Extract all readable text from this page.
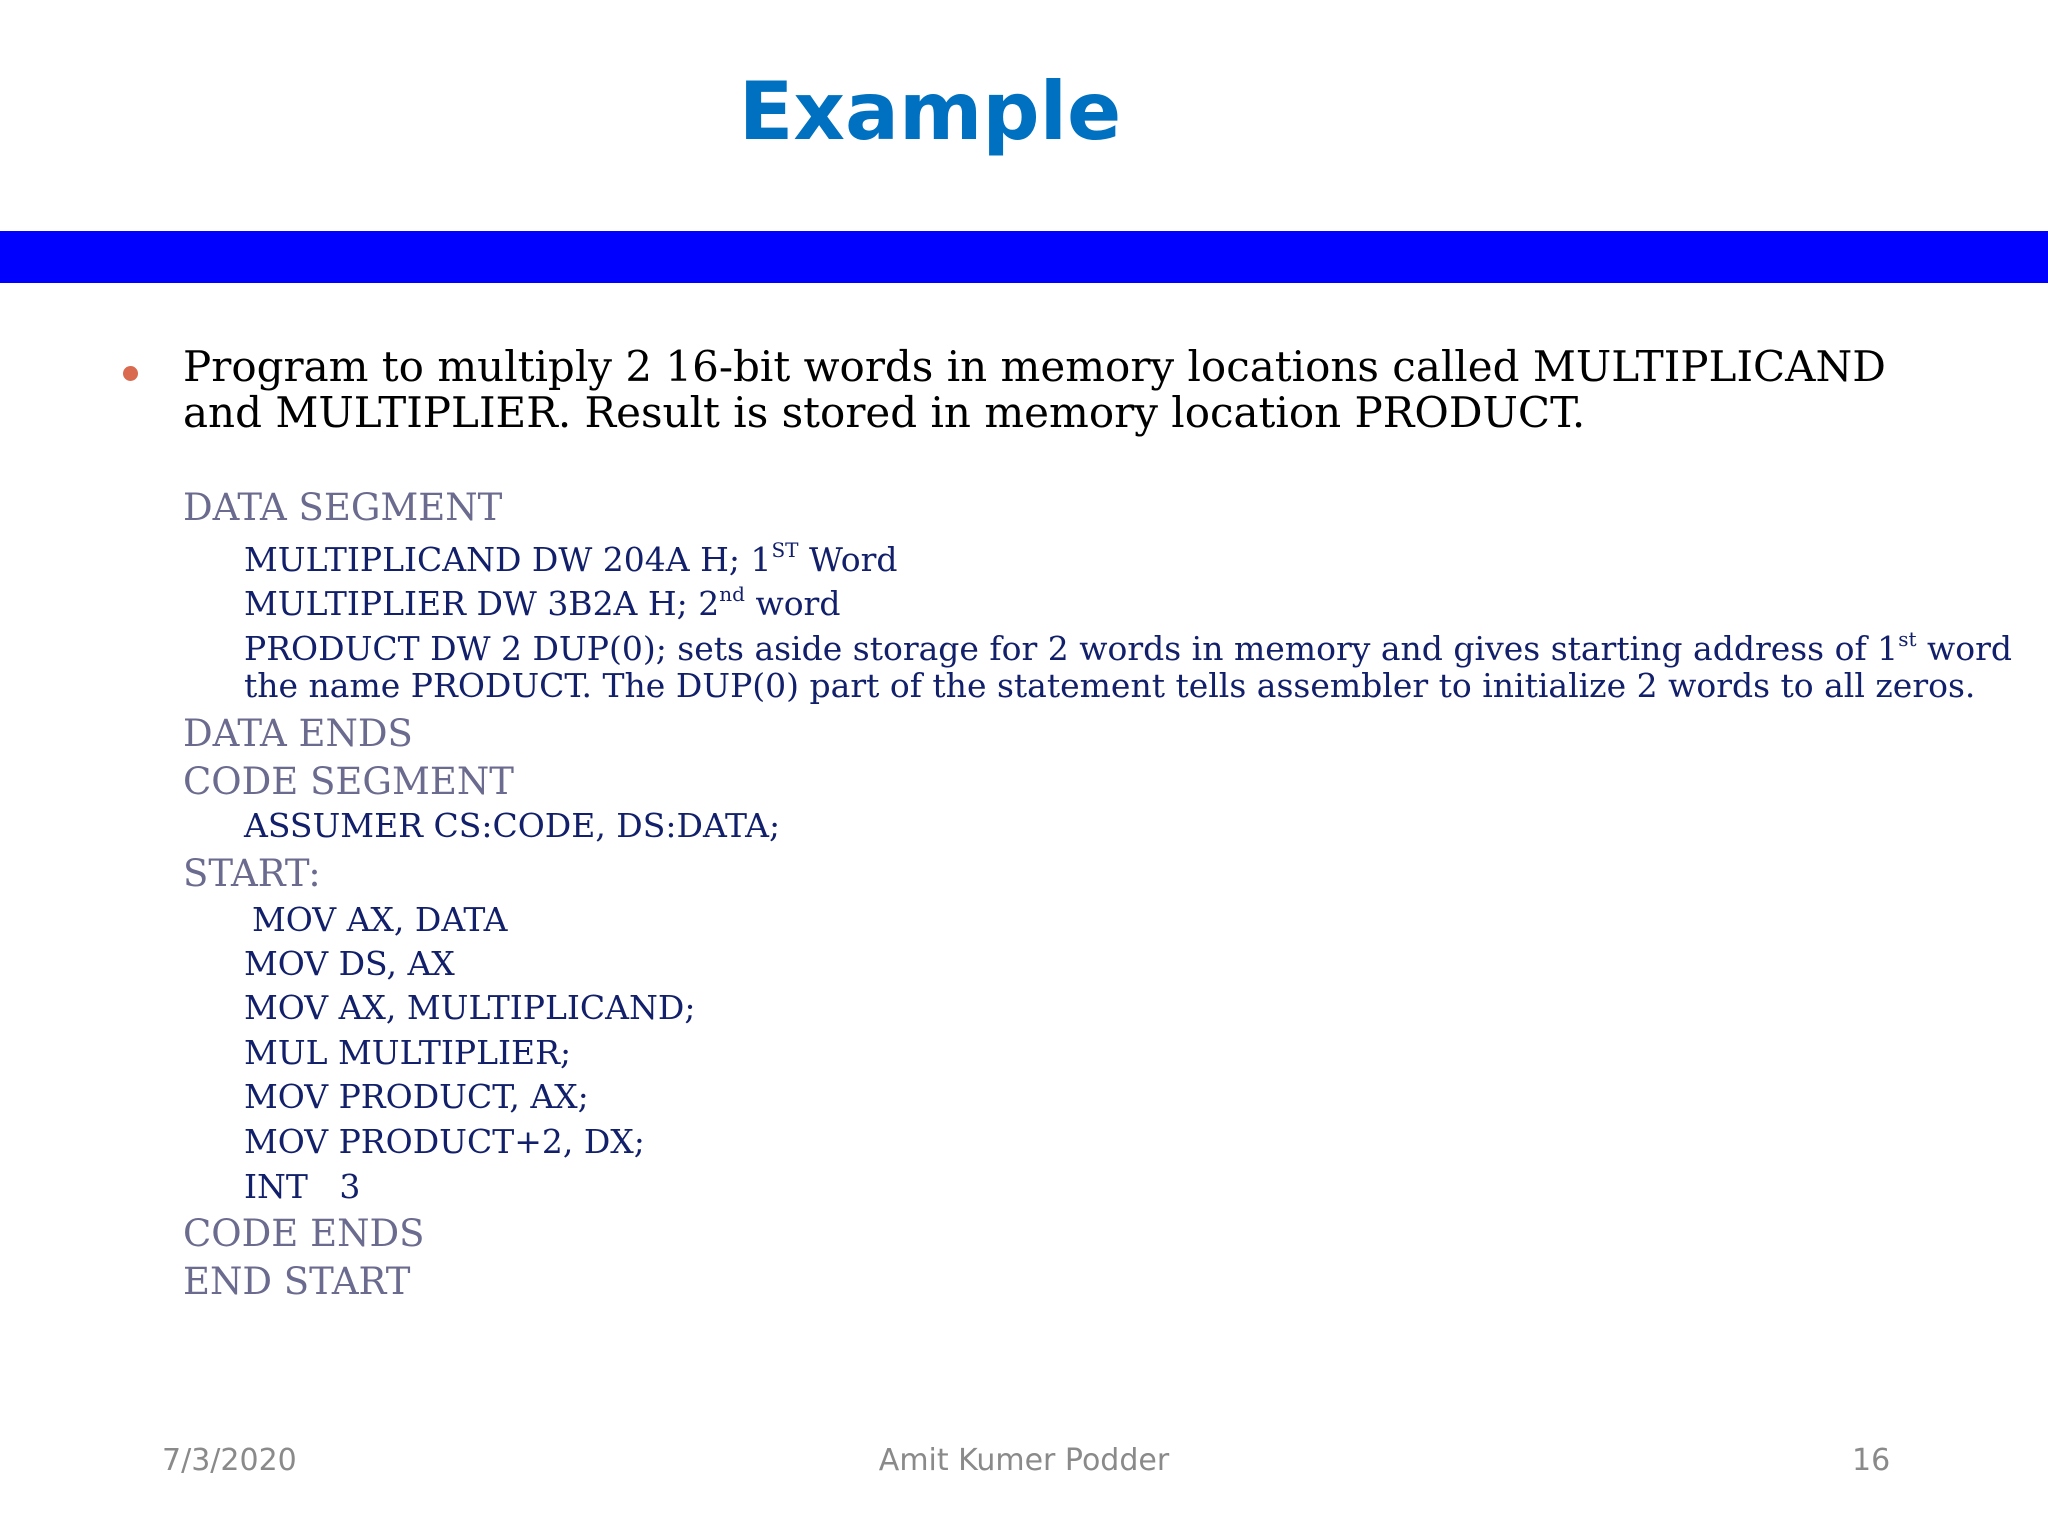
Example
Program to multiply 2 16-bit words in memory locations called MULTIPLICAND
and MULTIPLIER. Result is stored in memory location PRODUCT.
DATA SEGMENT
MULTIPLICAND DW 204A H; 1ST Word
MULTIPLIER DW 3B2A H; 2nd word
PRODUCT DW 2 DUP(0); sets aside storage for 2 words in memory and gives starting address of 1st word
the name PRODUCT. The DUP(0) part of the statement tells assembler to initialize 2 words to all zeros.
DATA ENDS
CODE SEGMENT
ASSUMER CS:CODE, DS:DATA;
START:
MOV AX, DATA
MOV DS, AX
MOV AX, MULTIPLICAND;
MUL MULTIPLIER;
MOV PRODUCT, AX;
MOV PRODUCT+2, DX;
INT   3
CODE ENDS
END START
7/3/2020	Amit Kumer Podder	16
